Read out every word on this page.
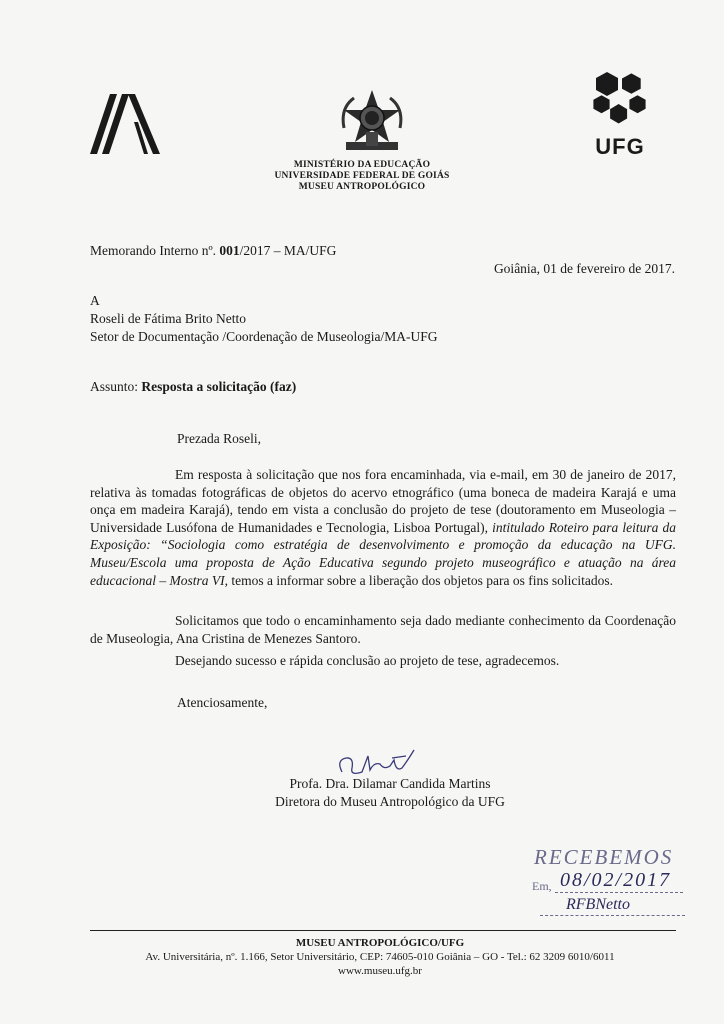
MINISTÉRIO DA EDUCAÇÃO
UNIVERSIDADE FEDERAL DE GOIÁS
MUSEU ANTROPOLÓGICO
UFG
Memorando Interno nº. 001/2017 – MA/UFG
Goiânia, 01 de fevereiro de 2017.
A
Roseli de Fátima Brito Netto
Setor de Documentação /Coordenação de Museologia/MA-UFG
Assunto: Resposta a solicitação (faz)
Prezada Roseli,
Em resposta à solicitação que nos fora encaminhada, via e-mail, em 30 de janeiro de 2017, relativa às tomadas fotográficas de objetos do acervo etnográfico (uma boneca de madeira Karajá e uma onça em madeira Karajá), tendo em vista a conclusão do projeto de tese (doutoramento em Museologia – Universidade Lusófona de Humanidades e Tecnologia, Lisboa Portugal), intitulado Roteiro para leitura da Exposição: “Sociologia como estratégia de desenvolvimento e promoção da educação na UFG. Museu/Escola uma proposta de Ação Educativa segundo projeto museográfico e atuação na área educacional – Mostra VI, temos a informar sobre a liberação dos objetos para os fins solicitados.
Solicitamos que todo o encaminhamento seja dado mediante conhecimento da Coordenação de Museologia, Ana Cristina de Menezes Santoro.
Desejando sucesso e rápida conclusão ao projeto de tese, agradecemos.
Atenciosamente,
Profa. Dra. Dilamar Candida Martins
Diretora do Museu Antropológico da UFG
RECEBEMOS
Em, 08/02/2017
RFBNetto
MUSEU ANTROPOLÓGICO/UFG
Av. Universitária, nº. 1.166, Setor Universitário, CEP: 74605-010 Goiânia – GO - Tel.: 62 3209 6010/6011
www.museu.ufg.br
